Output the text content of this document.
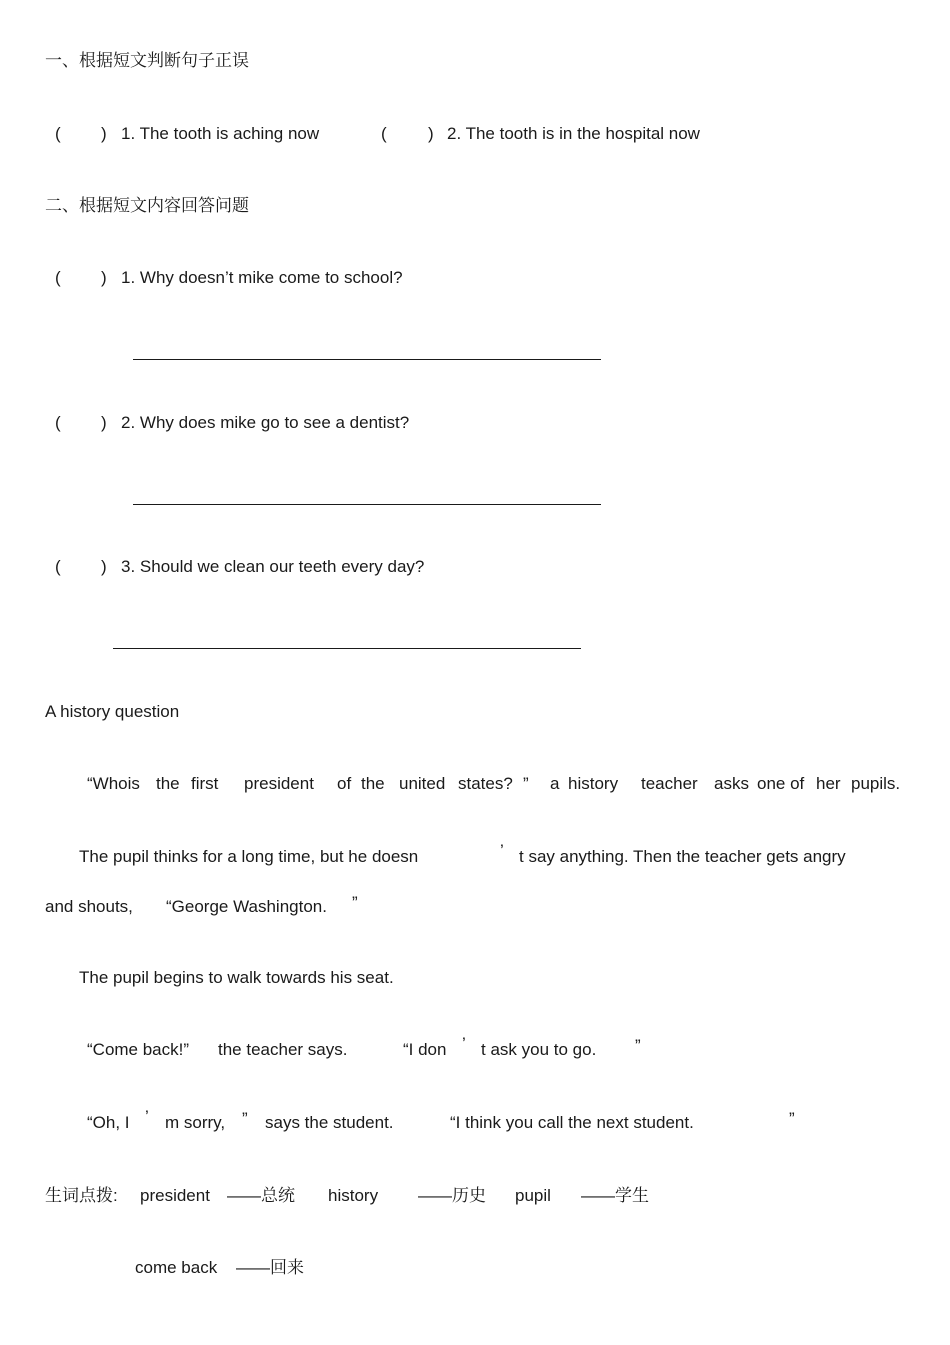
一、根据短文判断句子正误
( ) 1. The tooth is aching now	( ) 2. The tooth is in the hospital now
二、根据短文内容回答问题
( ) 1. Why doesn’t mike come to school?
( ) 2. Why does mike go to see a dentist?
( ) 3. Should we clean our teeth every day?
A history question
“Whois the first president of the united states? ” a history teacher asks one of her pupils.
The pupil thinks for a long time, but he doesn	’ t say anything. Then the teacher gets angry
and shouts, “George Washington. ”
The pupil begins to walk towards his seat.
“Come back!” the teacher says.	“I don ’ t ask you to go. ”
“Oh, I ’ m sorry, ” says the student.	“I think you call the next student.	”
生词点拨: president ——总统 history ——历史 pupil ——学生
come back ——回来
